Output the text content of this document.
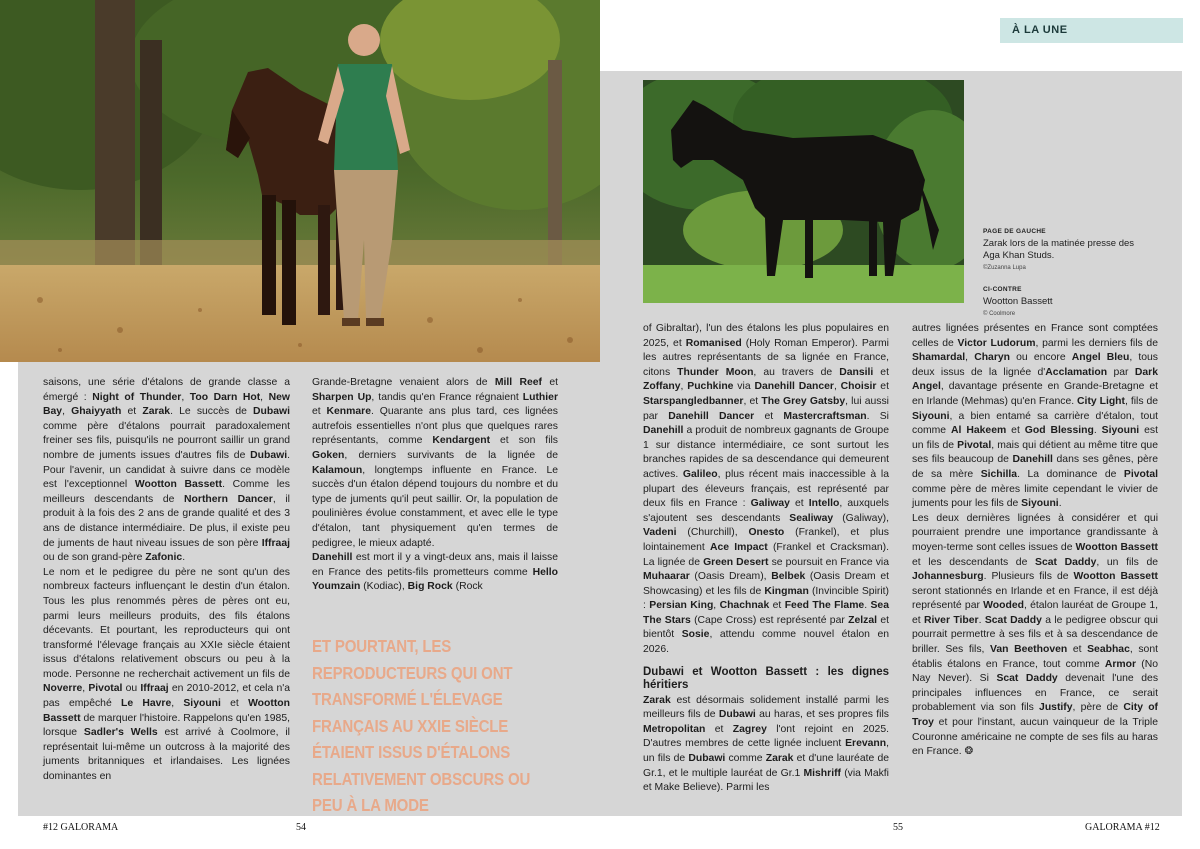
À LA UNE
PAGE DE GAUCHE
Zarak lors de la matinée presse des Aga Khan Studs.
©Zuzanna Lupa
CI-CONTRE
Wootton Bassett
© Coolmore
saisons, une série d'étalons de grande classe a émergé : Night of Thunder, Too Darn Hot, New Bay, Ghaiyyath et Zarak. Le succès de Dubawi comme père d'étalons pourrait paradoxalement freiner ses fils, puisqu'ils ne pourront saillir un grand nombre de juments issues d'autres fils de Dubawi. Pour l'avenir, un candidat à suivre dans ce modèle est l'exceptionnel Wootton Bassett. Comme les meilleurs descendants de Northern Dancer, il produit à la fois des 2 ans de grande qualité et des 3 ans de distance intermédiaire. De plus, il existe peu de juments de haut niveau issues de son père Iffraaj ou de son grand-père Zafonic.
Le nom et le pedigree du père ne sont qu'un des nombreux facteurs influençant le destin d'un étalon. Tous les plus renommés pères de pères ont eu, parmi leurs meilleurs produits, des fils étalons décevants. Et pourtant, les reproducteurs qui ont transformé l'élevage français au XXIe siècle étaient issus d'étalons relativement obscurs ou peu à la mode. Personne ne recherchait activement un fils de Noverre, Pivotal ou Iffraaj en 2010-2012, et cela n'a pas empêché Le Havre, Siyouni et Wootton Bassett de marquer l'histoire. Rappelons qu'en 1985, lorsque Sadler's Wells est arrivé à Coolmore, il représentait lui-même un outcross à la majorité des juments britanniques et irlandaises. Les lignées dominantes en
Grande-Bretagne venaient alors de Mill Reef et Sharpen Up, tandis qu'en France régnaient Luthier et Kenmare. Quarante ans plus tard, ces lignées autrefois essentielles n'ont plus que quelques rares représentants, comme Kendargent et son fils Goken, derniers survivants de la lignée de Kalamoun, longtemps influente en France. Le succès d'un étalon dépend toujours du nombre et du type de juments qu'il peut saillir. Or, la population de poulinières évolue constamment, et avec elle le type d'étalon, tant physiquement qu'en termes de pedigree, le mieux adapté.
Danehill est mort il y a vingt-deux ans, mais il laisse en France des petits-fils prometteurs comme Hello Youmzain (Kodiac), Big Rock (Rock
ET POURTANT, LES REPRODUCTEURS QUI ONT TRANSFORMÉ L'ÉLEVAGE FRANÇAIS AU XXIE SIÈCLE ÉTAIENT ISSUS D'ÉTALONS RELATIVEMENT OBSCURS OU PEU À LA MODE
of Gibraltar), l'un des étalons les plus populaires en 2025, et Romanised (Holy Roman Emperor). Parmi les autres représentants de sa lignée en France, citons Thunder Moon, au travers de Dansili et Zoffany, Puchkine via Danehill Dancer, Choisir et Starspangledbanner, et The Grey Gatsby, lui aussi par Danehill Dancer et Mastercraftsman. Si Danehill a produit de nombreux gagnants de Groupe 1 sur distance intermédiaire, ce sont surtout les branches rapides de sa descendance qui demeurent actives. Galileo, plus récent mais inaccessible à la plupart des éleveurs français, est représenté par deux fils en France : Galiway et Intello, auxquels s'ajoutent ses descendants Sealiway (Galiway), Vadeni (Churchill), Onesto (Frankel), et plus lointainement Ace Impact (Frankel et Cracksman). La lignée de Green Desert se poursuit en France via Muhaarar (Oasis Dream), Belbek (Oasis Dream et Showcasing) et les fils de Kingman (Invincible Spirit) : Persian King, Chachnak et Feed The Flame. Sea The Stars (Cape Cross) est représenté par Zelzal et bientôt Sosie, attendu comme nouvel étalon en 2026.
Dubawi et Wootton Bassett : les dignes héritiers
Zarak est désormais solidement installé parmi les meilleurs fils de Dubawi au haras, et ses propres fils Metropolitan et Zagrey l'ont rejoint en 2025. D'autres membres de cette lignée incluent Erevann, un fils de Dubawi comme Zarak et d'une lauréate de Gr.1, et le multiple lauréat de Gr.1 Mishriff (via Makfi et Make Believe). Parmi les
autres lignées présentes en France sont comptées celles de Victor Ludorum, parmi les derniers fils de Shamardal, Charyn ou encore Angel Bleu, tous deux issus de la lignée d'Acclamation par Dark Angel, davantage présente en Grande-Bretagne et en Irlande (Mehmas) qu'en France. City Light, fils de Siyouni, a bien entamé sa carrière d'étalon, tout comme Al Hakeem et God Blessing. Siyouni est un fils de Pivotal, mais qui détient au même titre que ses fils beaucoup de Danehill dans ses gênes, père de sa mère Sichilla. La dominance de Pivotal comme père de mères limite cependant le vivier de juments pour les fils de Siyouni.
Les deux dernières lignées à considérer et qui pourraient prendre une importance grandissante à moyen-terme sont celles issues de Wootton Bassett et les descendants de Scat Daddy, un fils de Johannesburg. Plusieurs fils de Wootton Bassett seront stationnés en Irlande et en France, il est déjà représenté par Wooded, étalon lauréat de Groupe 1, et River Tiber. Scat Daddy a le pedigree obscur qui pourrait permettre à ses fils et à sa descendance de briller. Ses fils, Van Beethoven et Seabhac, sont établis étalons en France, tout comme Armor (No Nay Never). Si Scat Daddy devenait l'une des principales influences en France, ce serait probablement via son fils Justify, père de City of Troy et pour l'instant, aucun vainqueur de la Triple Couronne américaine ne compte de ses fils au haras en France. ❂
#12 GALORAMA	54	55	GALORAMA #12
